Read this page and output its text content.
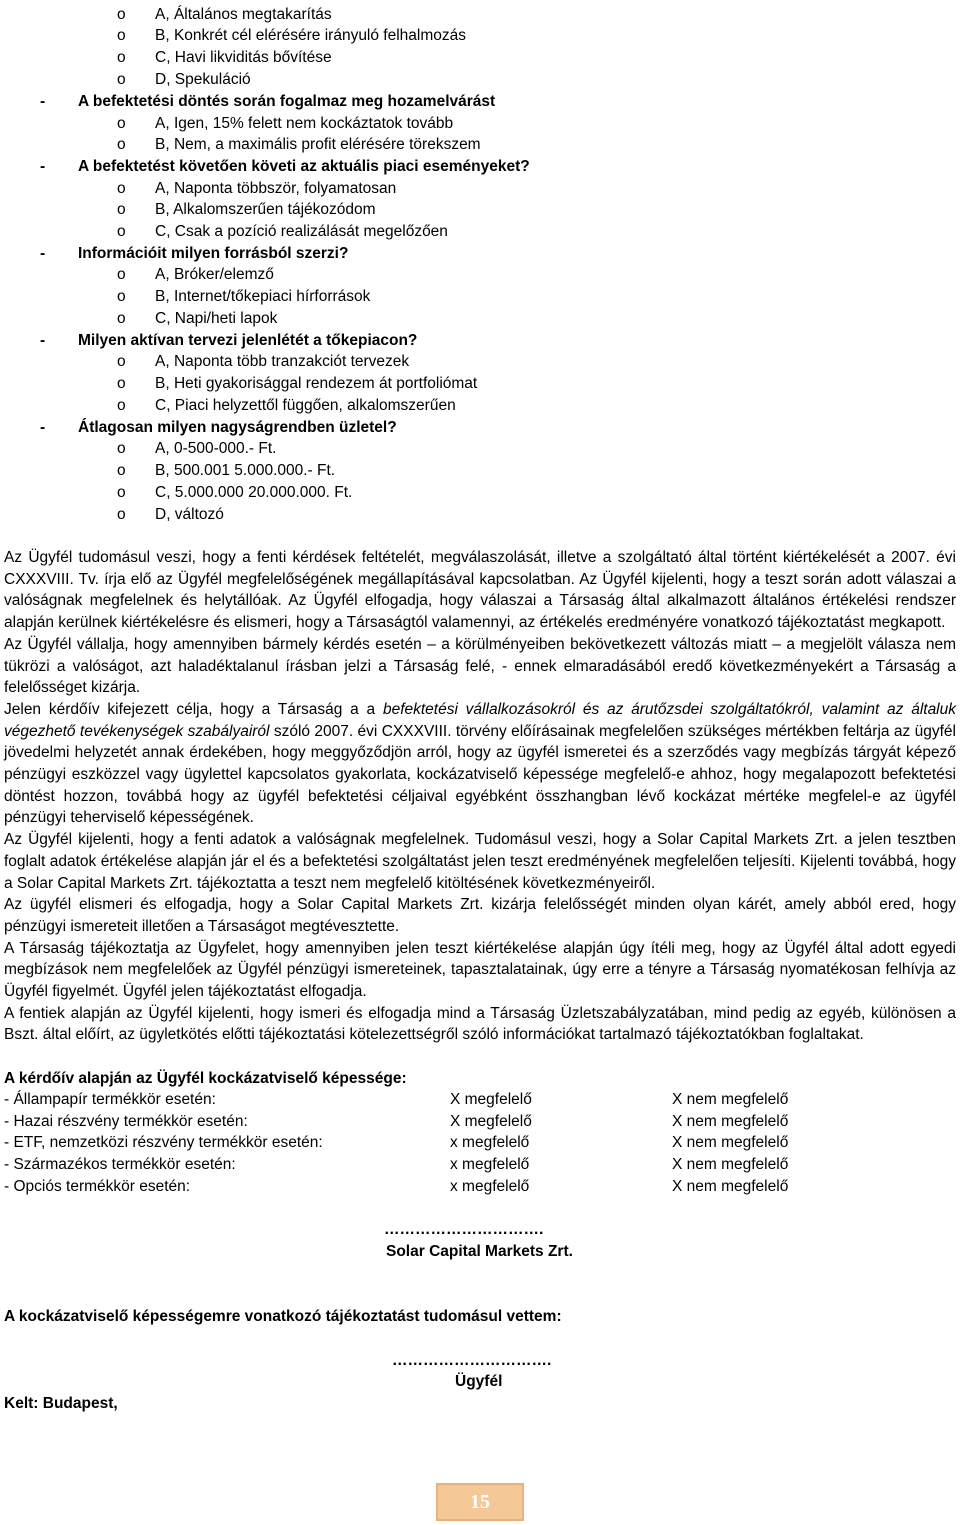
o A, Általános megtakarítás
o B, Konkrét cél elérésére irányuló felhalmozás
o C, Havi likviditás bővítése
o D, Spekuláció
- A befektetési döntés során fogalmaz meg hozamelvárást
o A, Igen, 15% felett nem kockáztatok tovább
o B, Nem, a maximális profit elérésére törekszem
- A befektetést követően követi az aktuális piaci eseményeket?
o A, Naponta többször, folyamatosan
o B, Alkalomszerűen tájékozódom
o C, Csak a pozíció realizálását megelőzően
- Információit milyen forrásból szerzi?
o A, Bróker/elemző
o B, Internet/tőkepiaci hírforrások
o C, Napi/heti lapok
- Milyen aktívan tervezi jelenlétét a tőkepiacon?
o A, Naponta több tranzakciót tervezek
o B, Heti gyakorisággal rendezem át portfoliómat
o C, Piaci helyzettől függően, alkalomszerűen
- Átlagosan milyen nagyságrendben üzletel?
o A, 0-500-000.- Ft.
o B, 500.001 5.000.000.- Ft.
o C, 5.000.000 20.000.000. Ft.
o D, változó

Az Ügyfél tudomásul veszi, hogy a fenti kérdések feltételét, megválaszolását, illetve a szolgáltató által történt kiértékelését a 2007. évi CXXXVIII. Tv. írja elő az Ügyfél megfelelőségének megállapításával kapcsolatban. Az Ügyfél kijelenti, hogy a teszt során adott válaszai a valóságnak megfelelnek és helytállóak. Az Ügyfél elfogadja, hogy válaszai a Társaság által alkalmazott általános értékelési rendszer alapján kerülnek kiértékelésre és elismeri, hogy a Társaságtól valamennyi, az értékelés eredményére vonatkozó tájékoztatást megkapott.

Az Ügyfél vállalja, hogy amennyiben bármely kérdés esetén – a körülményeiben bekövetkezett változás miatt – a megjelölt válasza nem tükrözi a valóságot, azt haladéktalanul írásban jelzi a Társaság felé, - ennek elmaradásából eredő következményekért a Társaság a felelősséget kizárja.

Jelen kérdőív kifejezett célja, hogy a Társaság a a befektetési vállalkozásokról és az árutőzsdei szolgáltatókról, valamint az általuk végezhető tevékenységek szabályairól szóló 2007. évi CXXXVIII. törvény előírásainak megfelelően szükséges mértékben feltárja az ügyfél jövedelmi helyzetét annak érdekében, hogy meggyőződjön arról, hogy az ügyfél ismeretei és a szerződés vagy megbízás tárgyát képező pénzügyi eszközzel vagy ügylettel kapcsolatos gyakorlata, kockázatviselő képessége megfelelő-e ahhoz, hogy megalapozott befektetési döntést hozzon, továbbá hogy az ügyfél befektetési céljaival egyébként összhangban lévő kockázat mértéke megfelel-e az ügyfél pénzügyi teherviselő képességének.

Az Ügyfél kijelenti, hogy a fenti adatok a valóságnak megfelelnek. Tudomásul veszi, hogy a Solar Capital Markets Zrt. a jelen tesztben foglalt adatok értékelése alapján jár el és a befektetési szolgáltatást jelen teszt eredményének megfelelően teljesíti. Kijelenti továbbá, hogy a Solar Capital Markets Zrt. tájékoztatta a teszt nem megfelelő kitöltésének következményeiről.

Az ügyfél elismeri és elfogadja, hogy a Solar Capital Markets Zrt. kizárja felelősségét minden olyan kárét, amely abból ered, hogy pénzügyi ismereteit illetően a Társaságot megtévesztette.

A Társaság tájékoztatja az Ügyfelet, hogy amennyiben jelen teszt kiértékelése alapján úgy ítéli meg, hogy az Ügyfél által adott egyedi megbízások nem megfelelőek az Ügyfél pénzügyi ismereteinek, tapasztalatainak, úgy erre a tényre a Társaság nyomatékosan felhívja az Ügyfél figyelmét. Ügyfél jelen tájékoztatást elfogadja.

A fentiek alapján az Ügyfél kijelenti, hogy ismeri és elfogadja mind a Társaság Üzletszabályzatában, mind pedig az egyéb, különösen a Bszt. által előírt, az ügyletkötés előtti tájékoztatási kötelezettségről szóló információkat tartalmazó tájékoztatókban foglaltakat.

A kérdőív alapján az Ügyfél kockázatviselő képessége:
- Állampapír termékkör esetén:	X megfelelő	X nem megfelelő
- Hazai részvény termékkör esetén:	X megfelelő	X nem megfelelő
- ETF, nemzetközi részvény termékkör esetén:	x megfelelő	X nem megfelelő
- Származékos termékkör esetén:	x megfelelő	X nem megfelelő
- Opciós termékkör esetén:	x megfelelő	X nem megfelelő
………………………….
Solar Capital Markets Zrt.
A kockázatviselő képességemre vonatkozó tájékoztatást tudomásul vettem:
………………………….
Ügyfél
Kelt: Budapest,
15
